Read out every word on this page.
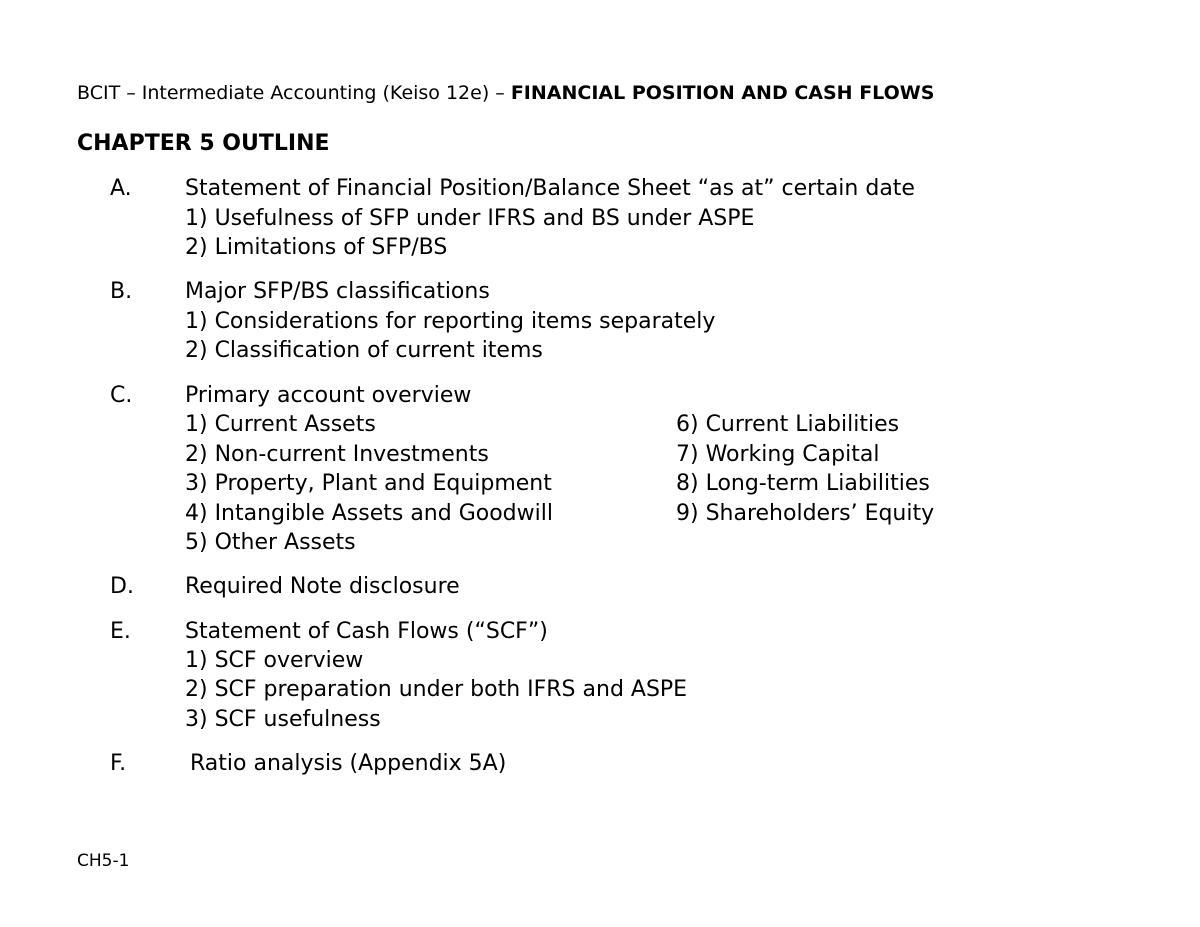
BCIT – Intermediate Accounting (Keiso 12e) – FINANCIAL POSITION AND CASH FLOWS
CHAPTER 5 OUTLINE
A. Statement of Financial Position/Balance Sheet “as at” certain date
1) Usefulness of SFP under IFRS and BS under ASPE
2) Limitations of SFP/BS
B. Major SFP/BS classifications
1) Considerations for reporting items separately
2) Classification of current items
C. Primary account overview
1) Current Assets
2) Non-current Investments
3) Property, Plant and Equipment
4) Intangible Assets and Goodwill
5) Other Assets
6) Current Liabilities
7) Working Capital
8) Long-term Liabilities
9) Shareholders’ Equity
D. Required Note disclosure
E. Statement of Cash Flows (“SCF”)
1) SCF overview
2) SCF preparation under both IFRS and ASPE
3) SCF usefulness
F.	Ratio analysis (Appendix 5A)
CH5-1
